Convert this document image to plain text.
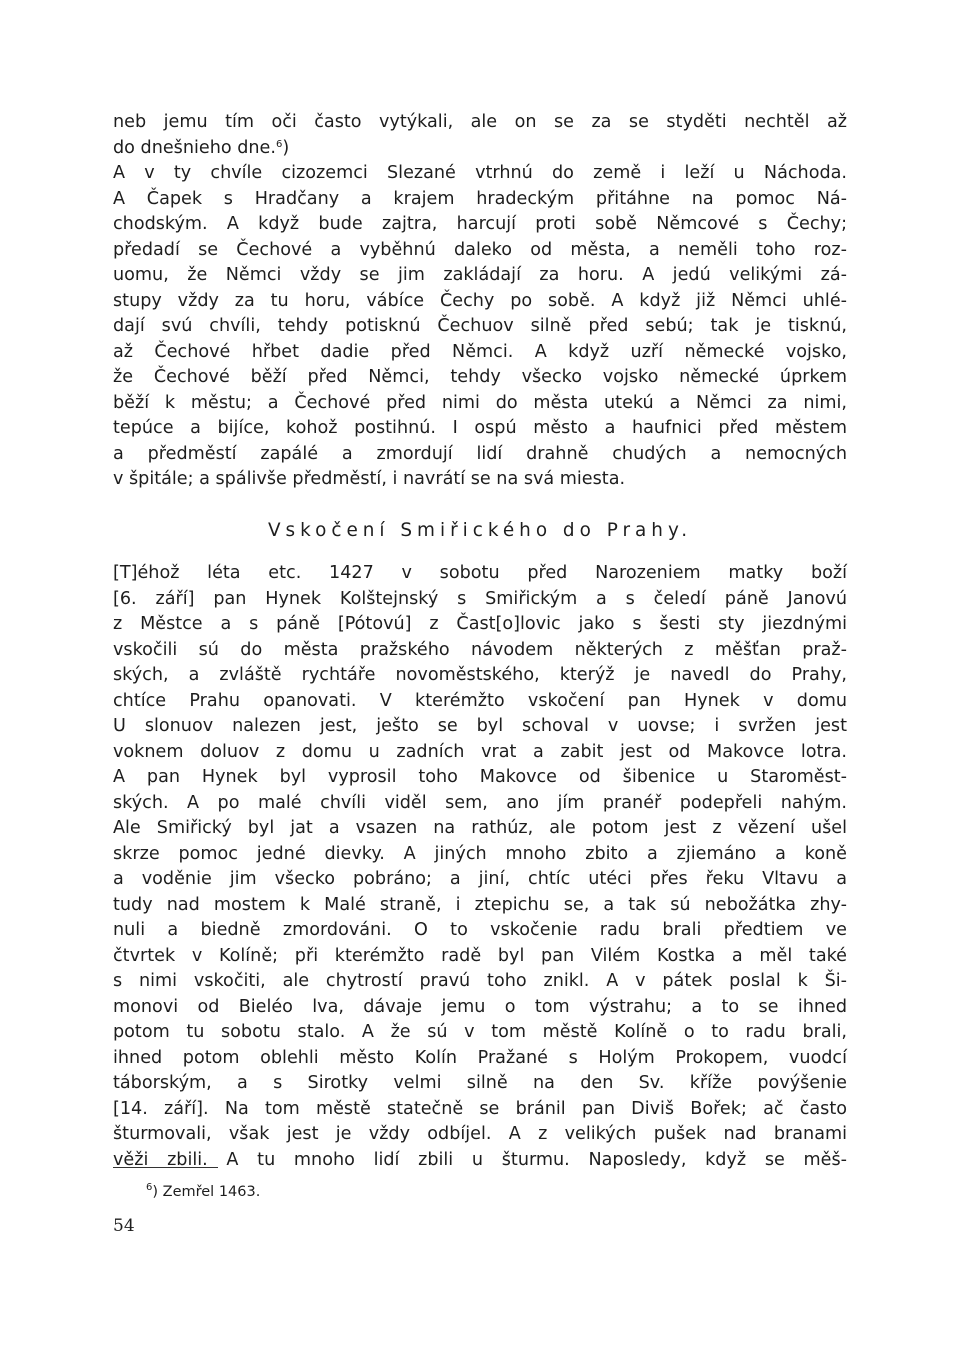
neb jemu tím oči často vytýkali, ale on se za se styděti nechtěl až
do dnešnieho dne.$^6$)
A v ty chvíle cizozemci Slezané vtrhnú do země i leží u Náchoda.
A Čapek s Hradčany a krajem hradeckým přitáhne na pomoc Ná-
chodským. A když bude zajtra, harcují proti sobě Němcové s Čechy;
předadí se Čechové a vyběhnú daleko od města, a neměli toho roz-
uomu, že Němci vždy se jim zakládají za horu. A jedú velikými zá-
stupy vždy za tu horu, vábíce Čechy po sobě. A když již Němci uhlé-
dají svú chvíli, tehdy potisknú Čechuov silně před sebú; tak je tisknú,
až Čechové hřbet dadie před Němci. A když uzří německé vojsko,
že Čechové běží před Němci, tehdy všecko vojsko německé úprkem
běží k městu; a Čechové před nimi do města utekú a Němci za nimi,
tepúce a bijíce, kohož postihnú. I ospú město a haufnici před městem
a předměstí zapálé a zmordují lidí drahně chudých a nemocných
v špitále; a spálivše předměstí, i navrátí se na svá miesta.
Vskočení Smiřického do Prahy.
[T]éhož léta etc. 1427 v sobotu před Narozeniem matky boží
[6. září] pan Hynek Kolštejnský s Smiřickým a s čeledí páně Janovú
z Městce a s páně [Pótovú] z Čast[o]lovic jako s šesti sty jiezdnými
vskočili sú do města pražského návodem některých z měšťan praž-
ských, a zvláště rychtáře novoměstského, kterýž je navedl do Prahy,
chtíce Prahu opanovati. V kterémžto vskočení pan Hynek v domu
U slonuov nalezen jest, ješto se byl schoval v uovse; i svržen jest
voknem doluov z domu u zadních vrat a zabit jest od Makovce lotra.
A pan Hynek byl vyprosil toho Makovce od šibenice u Staroměst-
ských. A po malé chvíli viděl sem, ano jím pranéř podepřeli nahým.
Ale Smiřický byl jat a vsazen na rathúz, ale potom jest z vězení ušel
skrze pomoc jedné dievky. A jiných mnoho zbito a zjiemáno a koně
a voděnie jim všecko pobráno; a jiní, chtíc utéci přes řeku Vltavu a
tudy nad mostem k Malé straně, i ztepichu se, a tak sú nebožátka zhy-
nuli a biedně zmordováni. O to vskočenie radu brali předtiem ve
čtvrtek v Kolíně; při kterémžto radě byl pan Vilém Kostka a měl také
s nimi vskočiti, ale chytrostí pravú toho znikl. A v pátek poslal k Ši-
monovi od Bieléo lva, dávaje jemu o tom výstrahu; a to se ihned
potom tu sobotu stalo. A že sú v tom městě Kolíně o to radu brali,
ihned potom oblehli město Kolín Pražané s Holým Prokopem, vuodcí
táborským, a s Sirotky velmi silně na den Sv. kříže povýšenie
[14. září]. Na tom městě statečně se bránil pan Diviš Bořek; ač často
šturmovali, však jest je vždy odbíjel. A z velikých pušek nad branami
věži zbili. A tu mnoho lidí zbili u šturmu. Naposledy, když se měš-
$^6$) Zemřel 1463.
54
